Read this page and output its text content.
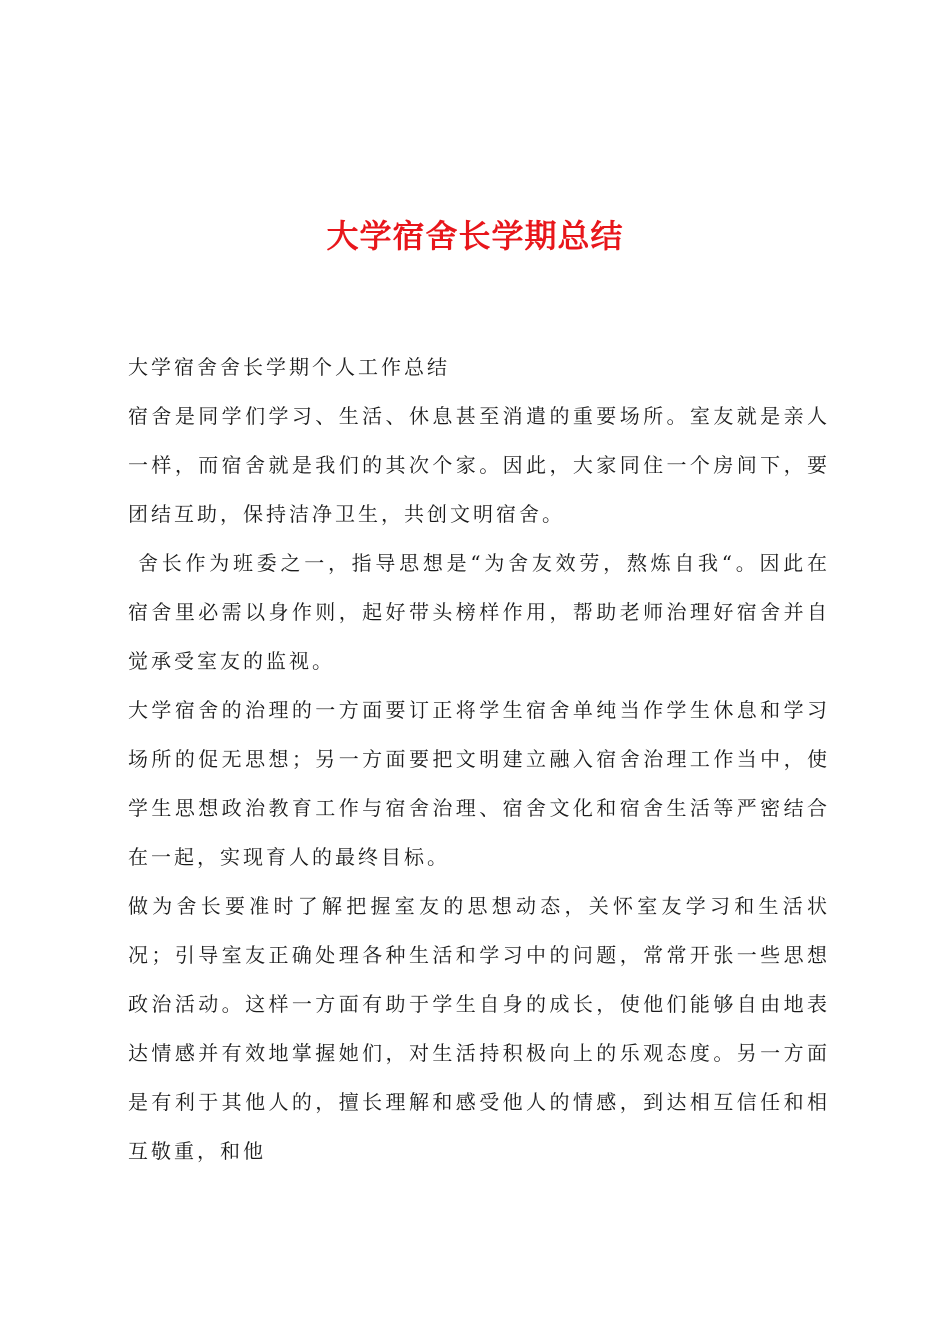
大学宿舍长学期总结

大学宿舍舍长学期个人工作总结

宿舍是同学们学习、生活、休息甚至消遣的重要场所。室友就是亲人一样，而宿舍就是我们的其次个家。因此，大家同住一个房间下，要团结互助，保持洁净卫生，共创文明宿舍。

舍长作为班委之一，指导思想是“为舍友效劳，熬炼自我“。因此在宿舍里必需以身作则，起好带头榜样作用，帮助老师治理好宿舍并自觉承受室友的监视。

大学宿舍的治理的一方面要订正将学生宿舍单纯当作学生休息和学习场所的促无思想；另一方面要把文明建立融入宿舍治理工作当中，使学生思想政治教育工作与宿舍治理、宿舍文化和宿舍生活等严密结合在一起，实现育人的最终目标。

做为舍长要准时了解把握室友的思想动态，关怀室友学习和生活状况；引导室友正确处理各种生活和学习中的问题，常常开张一些思想政治活动。这样一方面有助于学生自身的成长，使他们能够自由地表达情感并有效地掌握她们，对生活持积极向上的乐观态度。另一方面是有利于其他人的，擅长理解和感受他人的情感，到达相互信任和相互敬重，和他
